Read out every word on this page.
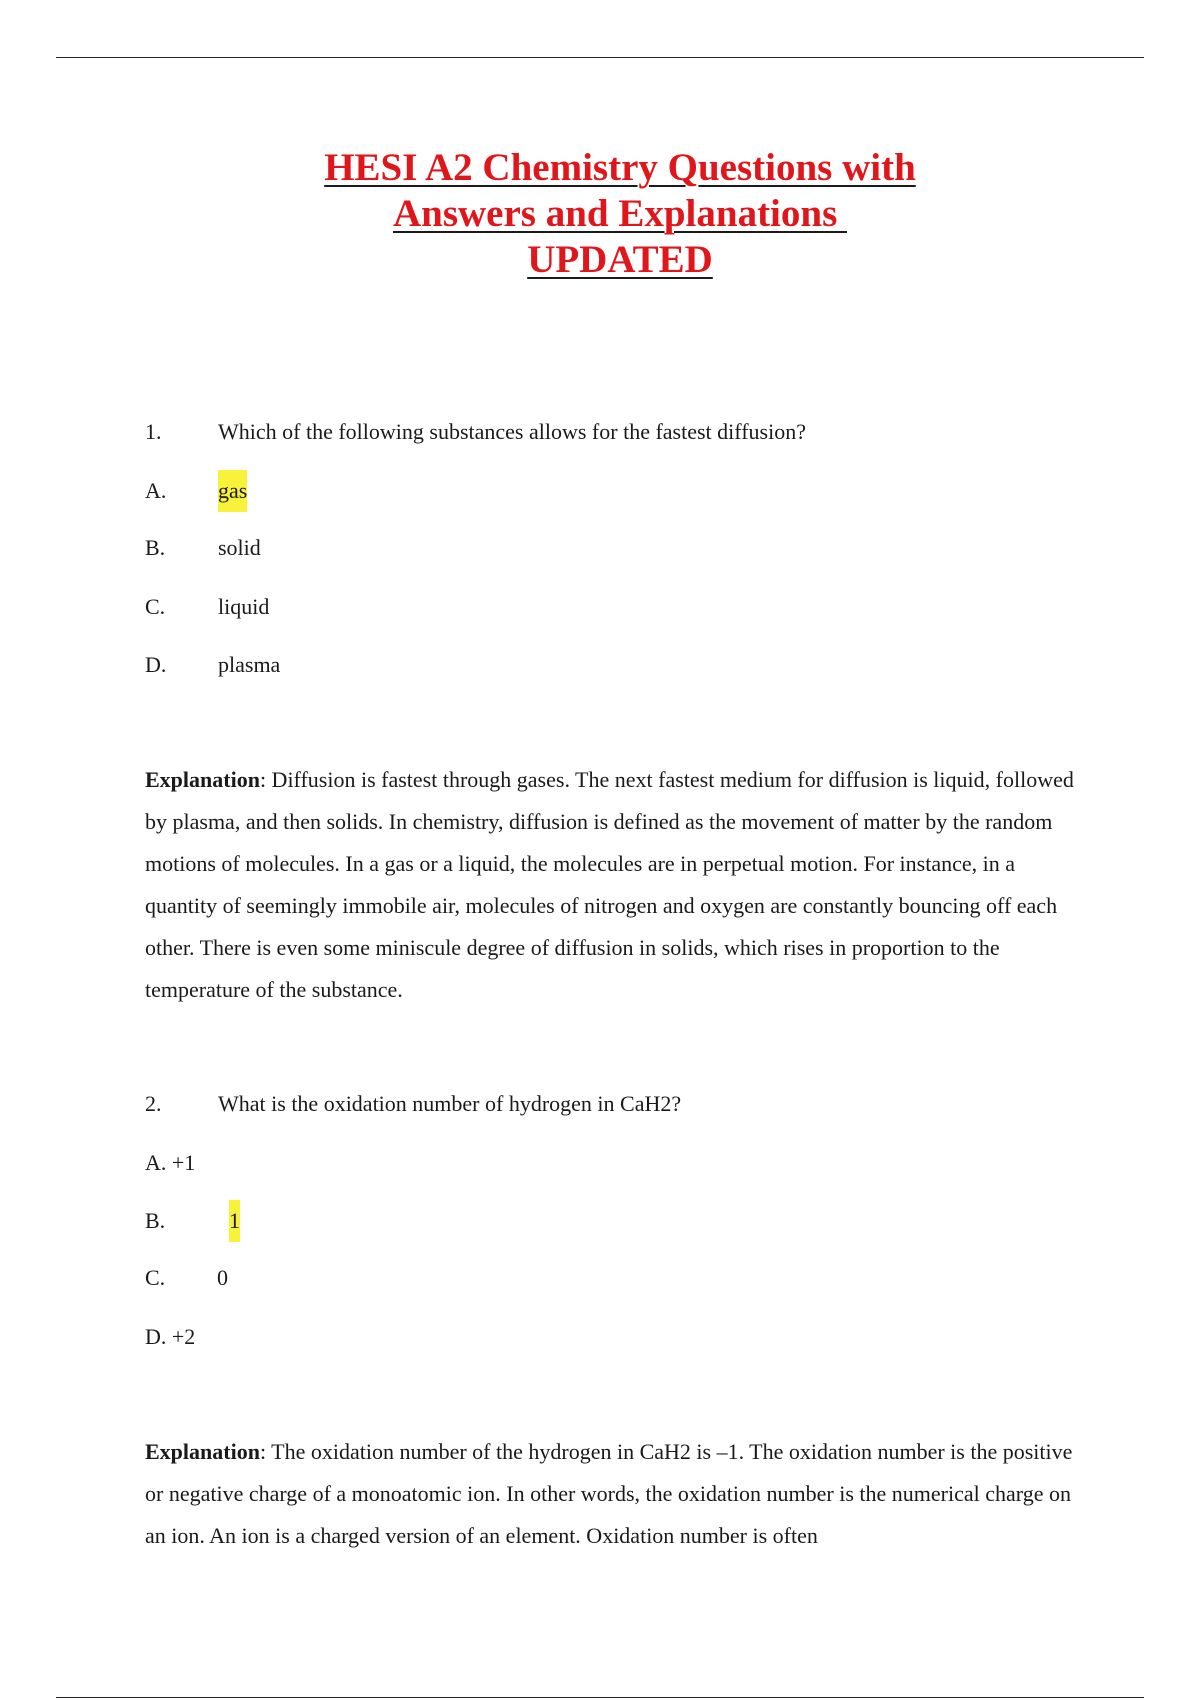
HESI A2 Chemistry Questions with
Answers and Explanations
UPDATED
1.	Which of the following substances allows for the fastest diffusion?
A. gas
B. solid
C. liquid
D. plasma
Explanation: Diffusion is fastest through gases. The next fastest medium for diffusion is liquid, followed by plasma, and then solids. In chemistry, diffusion is defined as the movement of matter by the random motions of molecules. In a gas or a liquid, the molecules are in perpetual motion. For instance, in a quantity of seemingly immobile air, molecules of nitrogen and oxygen are constantly bouncing off each other. There is even some miniscule degree of diffusion in solids, which rises in proportion to the temperature of the substance.
2.	What is the oxidation number of hydrogen in CaH2?
A. +1
B.	1
C. 0
D. +2
Explanation: The oxidation number of the hydrogen in CaH2 is –1. The oxidation number is the positive or negative charge of a monoatomic ion. In other words, the oxidation number is the numerical charge on an ion. An ion is a charged version of an element. Oxidation number is often
